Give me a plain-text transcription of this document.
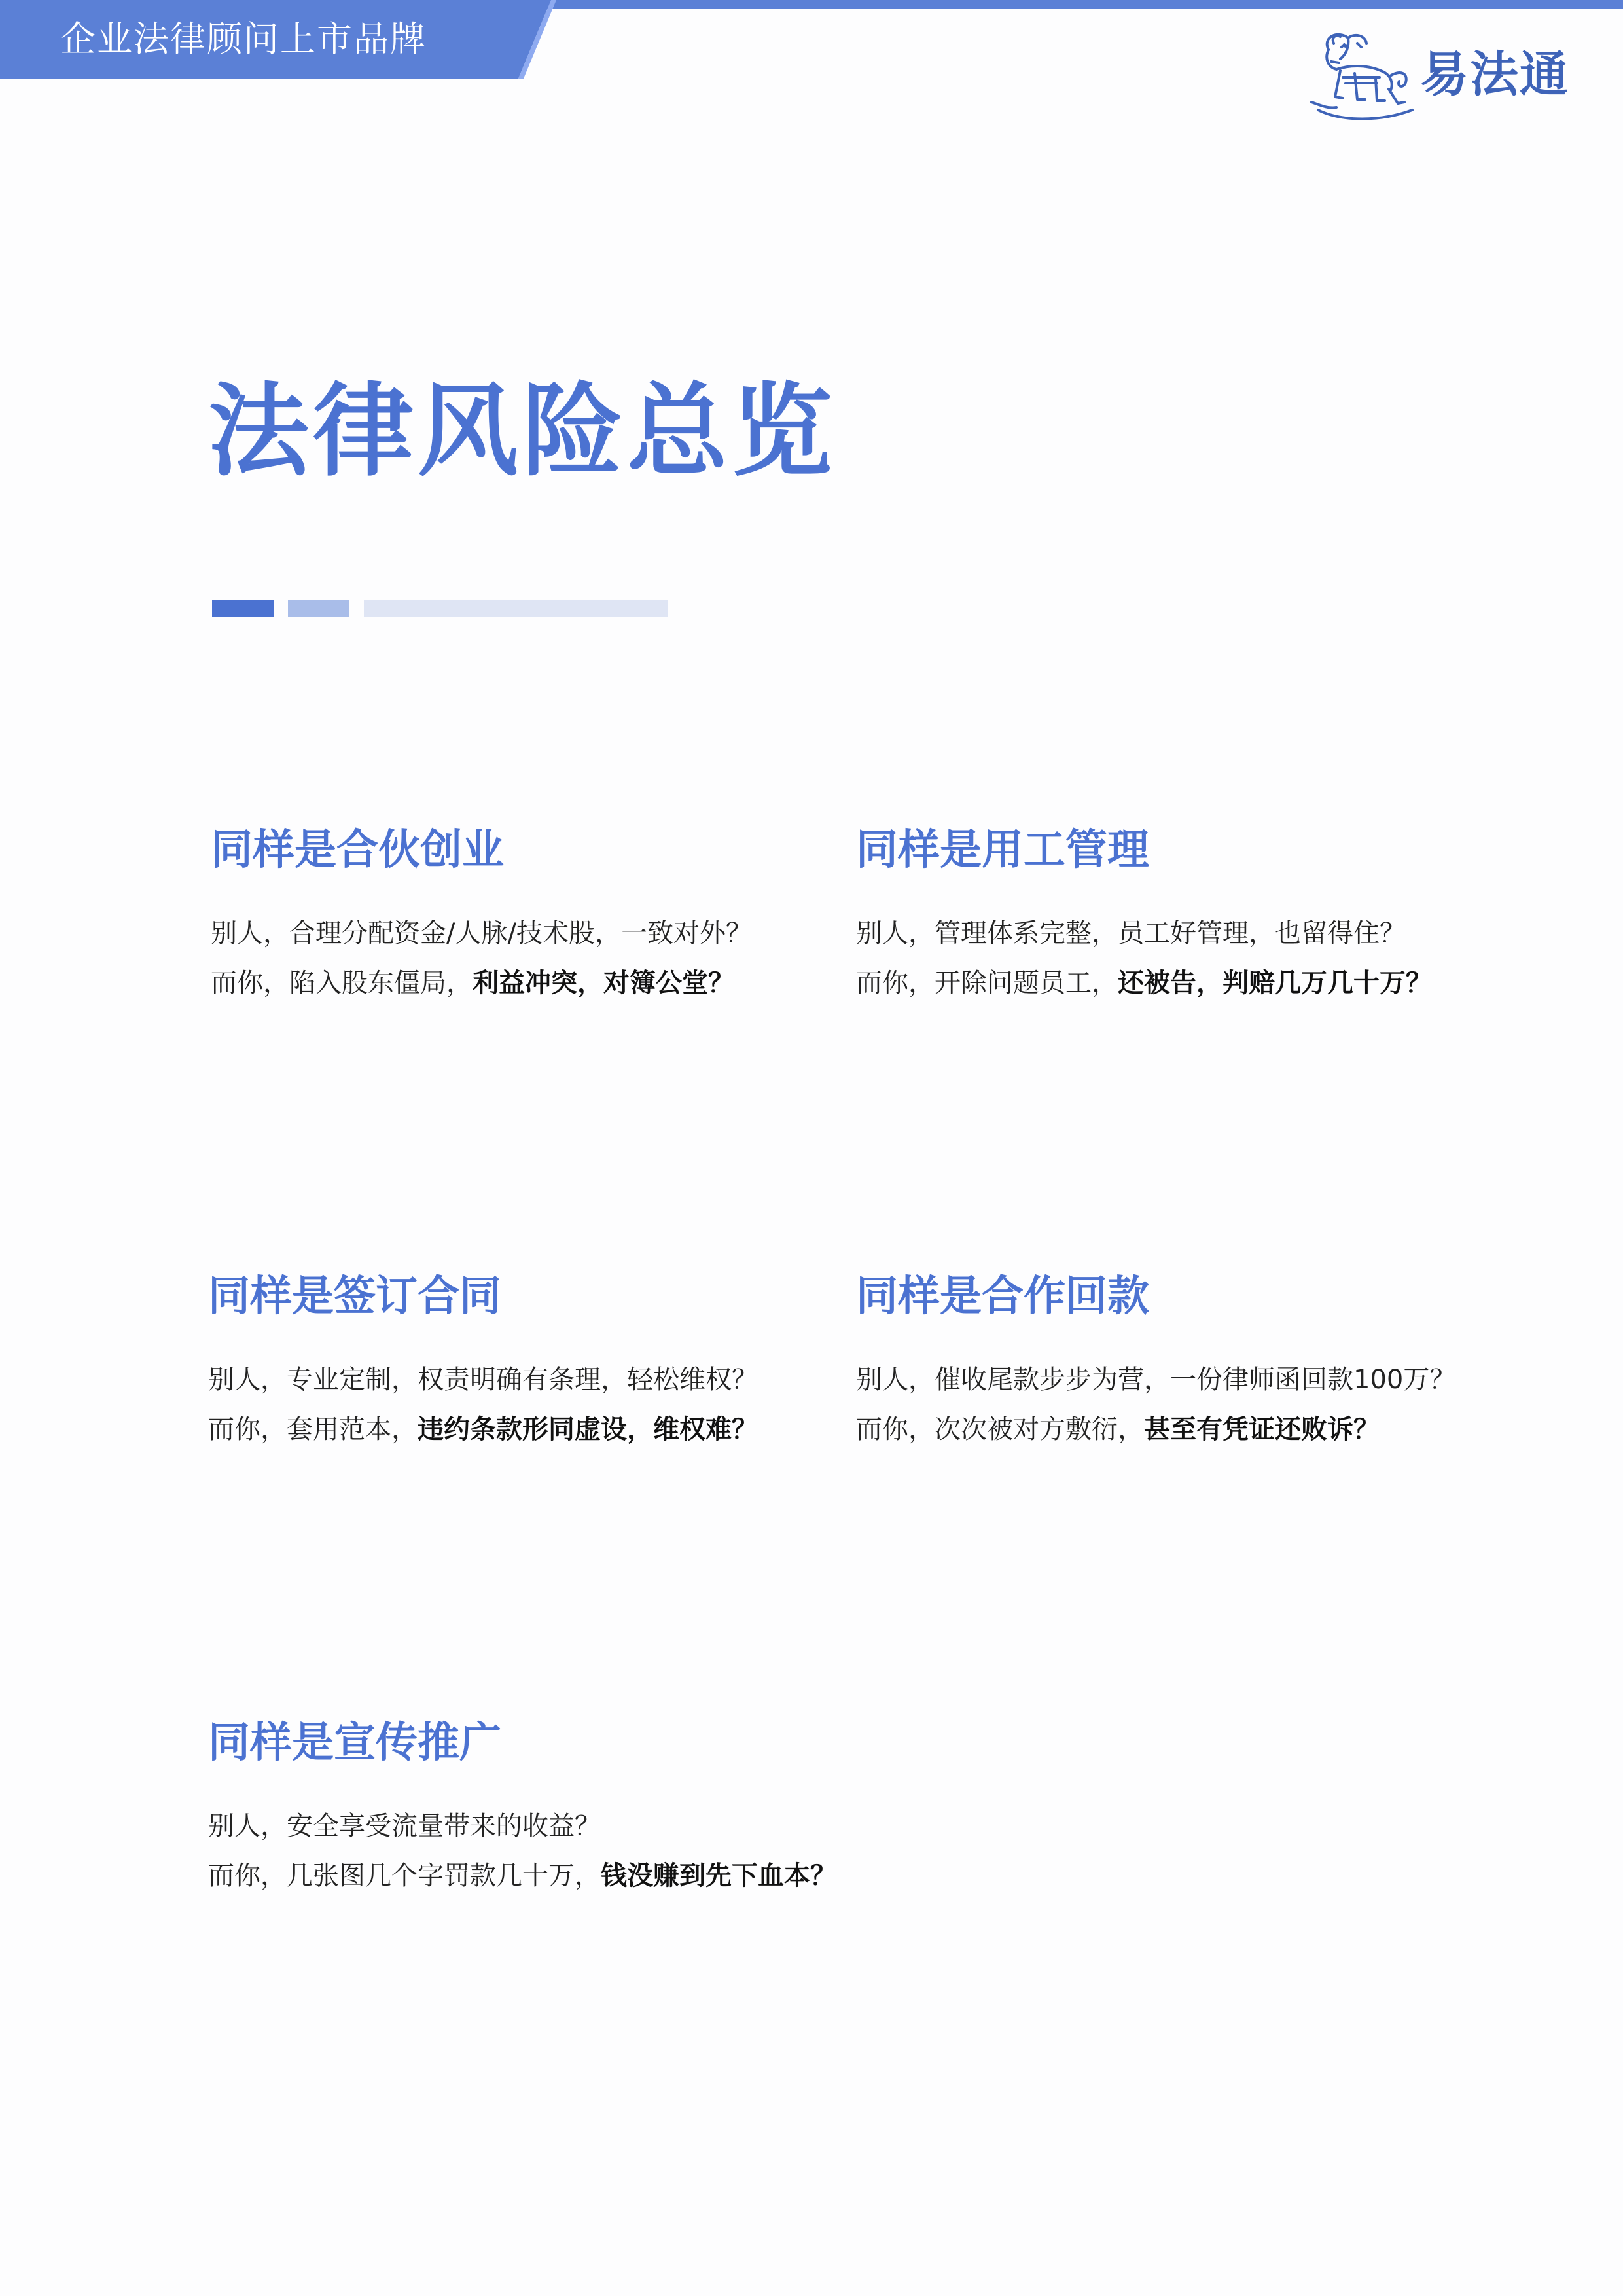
企业法律顾问上市品牌
易法通
法律风险总览
同样是合伙创业
别人，合理分配资金/人脉/技术股，一致对外？
而你，陷入股东僵局，利益冲突，对簿公堂？
同样是用工管理
别人，管理体系完整，员工好管理，也留得住？
而你，开除问题员工，还被告，判赔几万几十万？
同样是签订合同
别人，专业定制，权责明确有条理，轻松维权？
而你，套用范本，违约条款形同虚设，维权难？
同样是合作回款
别人，催收尾款步步为营，一份律师函回款100万？
而你，次次被对方敷衍，甚至有凭证还败诉？
同样是宣传推广
别人，安全享受流量带来的收益？
而你，几张图几个字罚款几十万，钱没赚到先下血本？
